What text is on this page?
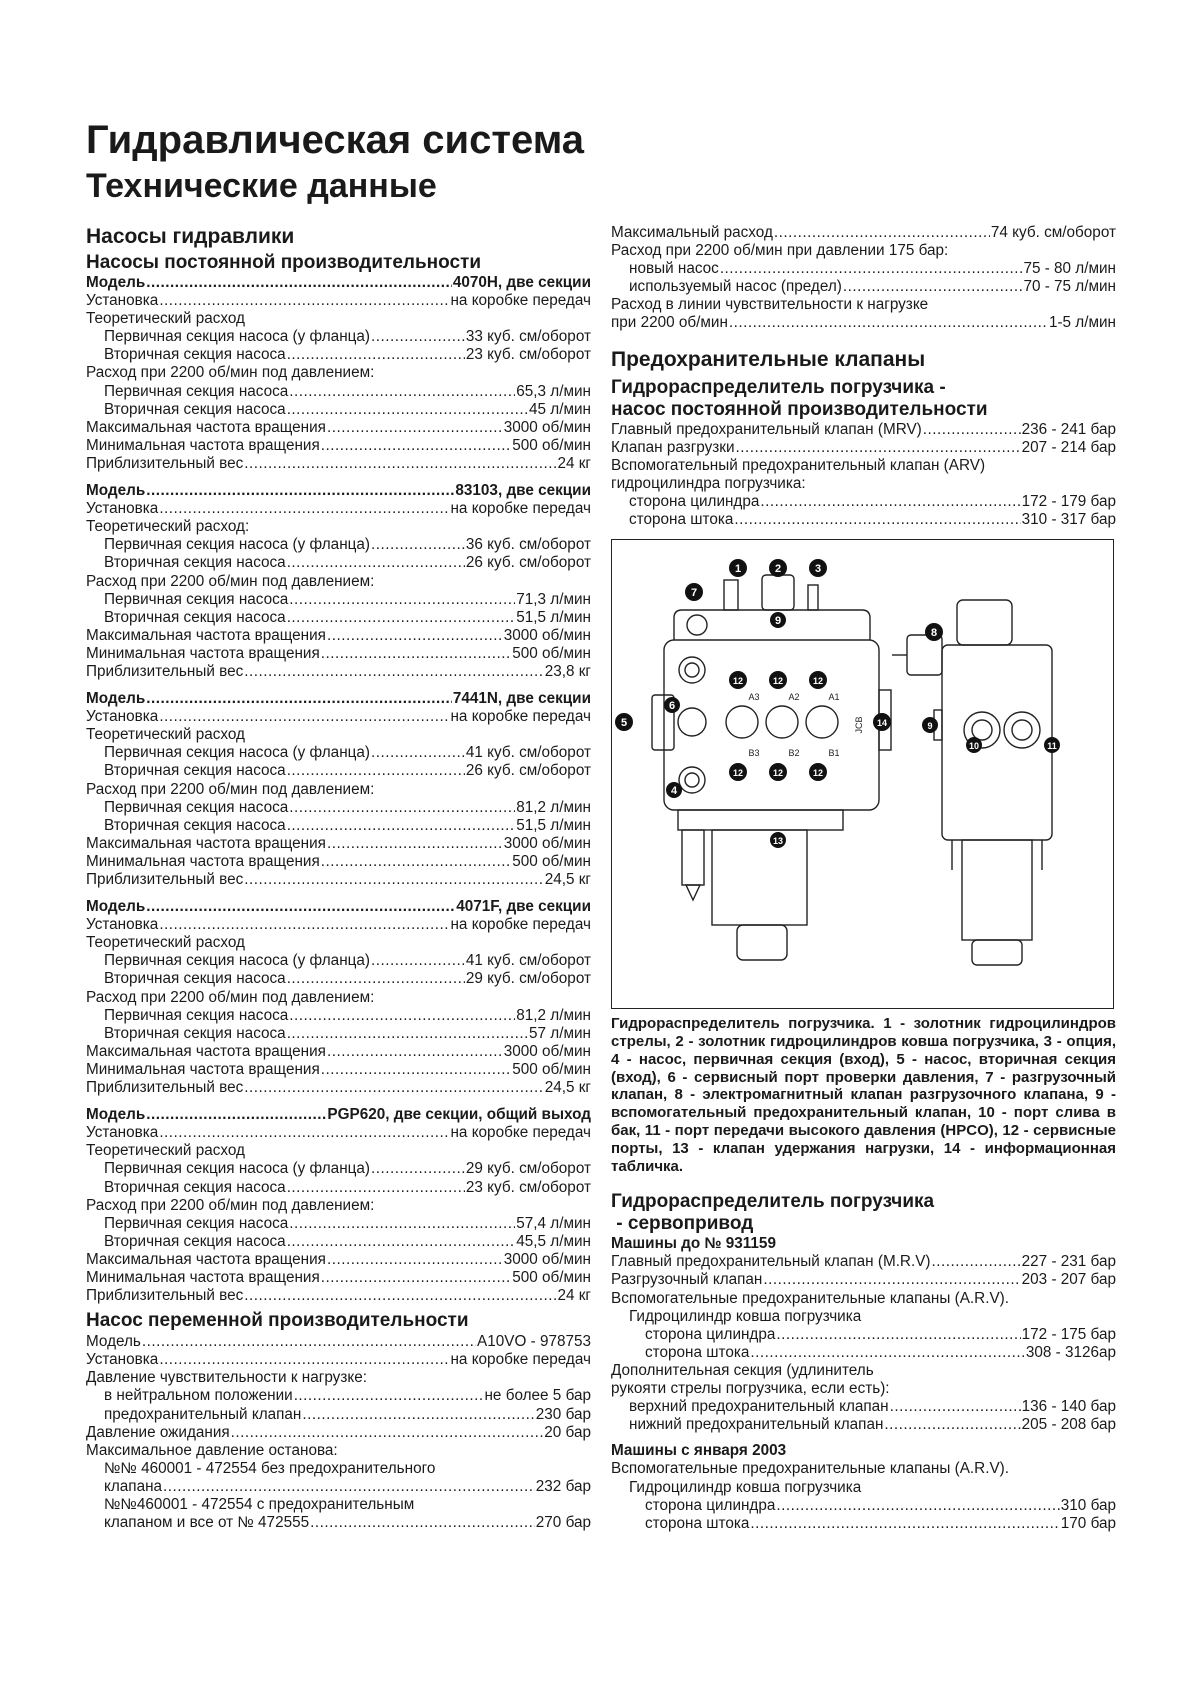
Гидравлическая система
Технические данные
Насосы гидравлики
Насосы постоянной производительности
Модель .....	4070H, две секции
Установка .....	на коробке передач
Теоретический расход
Первичная секция насоса (у фланца) .....	33 куб. см/оборот
Вторичная секция насоса .....	23 куб. см/оборот
Расход при 2200 об/мин под давлением:
Первичная секция насоса .....	65,3 л/мин
Вторичная секция насоса .....	45 л/мин
Максимальная частота вращения .....	3000 об/мин
Минимальная частота вращения .....	500 об/мин
Приблизительный вес .....	24 кг
Модель .....	83103, две секции
Установка .....	на коробке передач
Теоретический расход:
Первичная секция насоса (у фланца) .....	36 куб. см/оборот
Вторичная секция насоса .....	26 куб. см/оборот
Расход при 2200 об/мин под давлением:
Первичная секция насоса .....	71,3 л/мин
Вторичная секция насоса .....	51,5 л/мин
Максимальная частота вращения .....	3000 об/мин
Минимальная частота вращения .....	500 об/мин
Приблизительный вес .....	23,8 кг
Модель .....	7441N, две секции
Установка .....	на коробке передач
Теоретический расход
Первичная секция насоса (у фланца) .....	41 куб. см/оборот
Вторичная секция насоса .....	26 куб. см/оборот
Расход при 2200 об/мин под давлением:
Первичная секция насоса .....	81,2 л/мин
Вторичная секция насоса .....	51,5 л/мин
Максимальная частота вращения .....	3000 об/мин
Минимальная частота вращения .....	500 об/мин
Приблизительный вес .....	24,5 кг
Модель .....	4071F, две секции
Установка .....	на коробке передач
Теоретический расход
Первичная секция насоса (у фланца) .....	41 куб. см/оборот
Вторичная секция насоса .....	29 куб. см/оборот
Расход при 2200 об/мин под давлением:
Первичная секция насоса .....	81,2 л/мин
Вторичная секция насоса .....	57 л/мин
Максимальная частота вращения .....	3000 об/мин
Минимальная частота вращения .....	500 об/мин
Приблизительный вес .....	24,5 кг
Модель .....	PGP620, две секции, общий выход
Установка .....	на коробке передач
Теоретический расход
Первичная секция насоса (у фланца) .....	29 куб. см/оборот
Вторичная секция насоса .....	23 куб. см/оборот
Расход при 2200 об/мин под давлением:
Первичная секция насоса .....	57,4 л/мин
Вторичная секция насоса .....	45,5 л/мин
Максимальная частота вращения .....	3000 об/мин
Минимальная частота вращения .....	500 об/мин
Приблизительный вес .....	24 кг
Насос переменной производительности
Модель .....	A10VO - 978753
Установка .....	на коробке передач
Давление чувствительности к нагрузке:
в нейтральном положении .....	не более 5 бар
предохранительный клапан .....	230 бар
Давление ожидания .....	20 бар
Максимальное давление останова:
№№ 460001 - 472554 без предохранительного
клапана .....	232 бар
№№460001 - 472554 с предохранительным
клапаном и все от № 472555 .....	270 бар
Максимальный расход .....	74 куб. см/оборот
Расход при 2200 об/мин при давлении 175 бар:
новый насос .....	75 - 80 л/мин
используемый насос (предел) .....	70 - 75 л/мин
Расход в линии чувствительности к нагрузке
при 2200 об/мин .....	1-5 л/мин
Предохранительные клапаны
Гидрораспределитель погрузчика -
насос постоянной производительности
Главный предохранительный клапан (MRV) .....	236 - 241 бар
Клапан разгрузки .....	207 - 214 бар
Вспомогательный предохранительный клапан (ARV)
гидроцилиндра погрузчика:
сторона цилиндра .....	172 - 179 бар
сторона штока .....	310 - 317 бар
1	2	3
4
5
6
7
8
9
10	11
12	12	12
12	12	12
13
14	9
A3	A2	A1
B3	B2	B1
JCB
Гидрораспределитель погрузчика. 1 - золотник гидроцилиндров стрелы, 2 - золотник гидроцилиндров ковша погрузчика, 3 - опция, 4 - насос, первичная секция (вход), 5 - насос, вторичная секция (вход), 6 - сервисный порт проверки давления, 7 - разгрузочный клапан, 8 - электромагнитный клапан разгрузочного клапана, 9 - вспомогательный предохранительный клапан, 10 - порт слива в бак, 11 - порт передачи высокого давления (HPCO), 12 - сервисные порты, 13 - клапан удержания нагрузки, 14 - информационная табличка.
Гидрораспределитель погрузчика
- сервопривод
Машины до № 931159
Главный предохранительный клапан (M.R.V) .....	227 - 231 бар
Разгрузочный клапан .....	203 - 207 бар
Вспомогательные предохранительные клапаны (A.R.V).
Гидроцилиндр ковша погрузчика
сторона цилиндра .....	172 - 175 бар
сторона штока .....	308 - 3126ар
Дополнительная секция (удлинитель
рукояти стрелы погрузчика, если есть):
верхний предохранительный клапан .....	136 - 140 бар
нижний предохранительный клапан .....	205 - 208 бар
Машины с января 2003
Вспомогательные предохранительные клапаны (A.R.V).
Гидроцилиндр ковша погрузчика
сторона цилиндра .....	310 бар
сторона штока .....	170 бар
